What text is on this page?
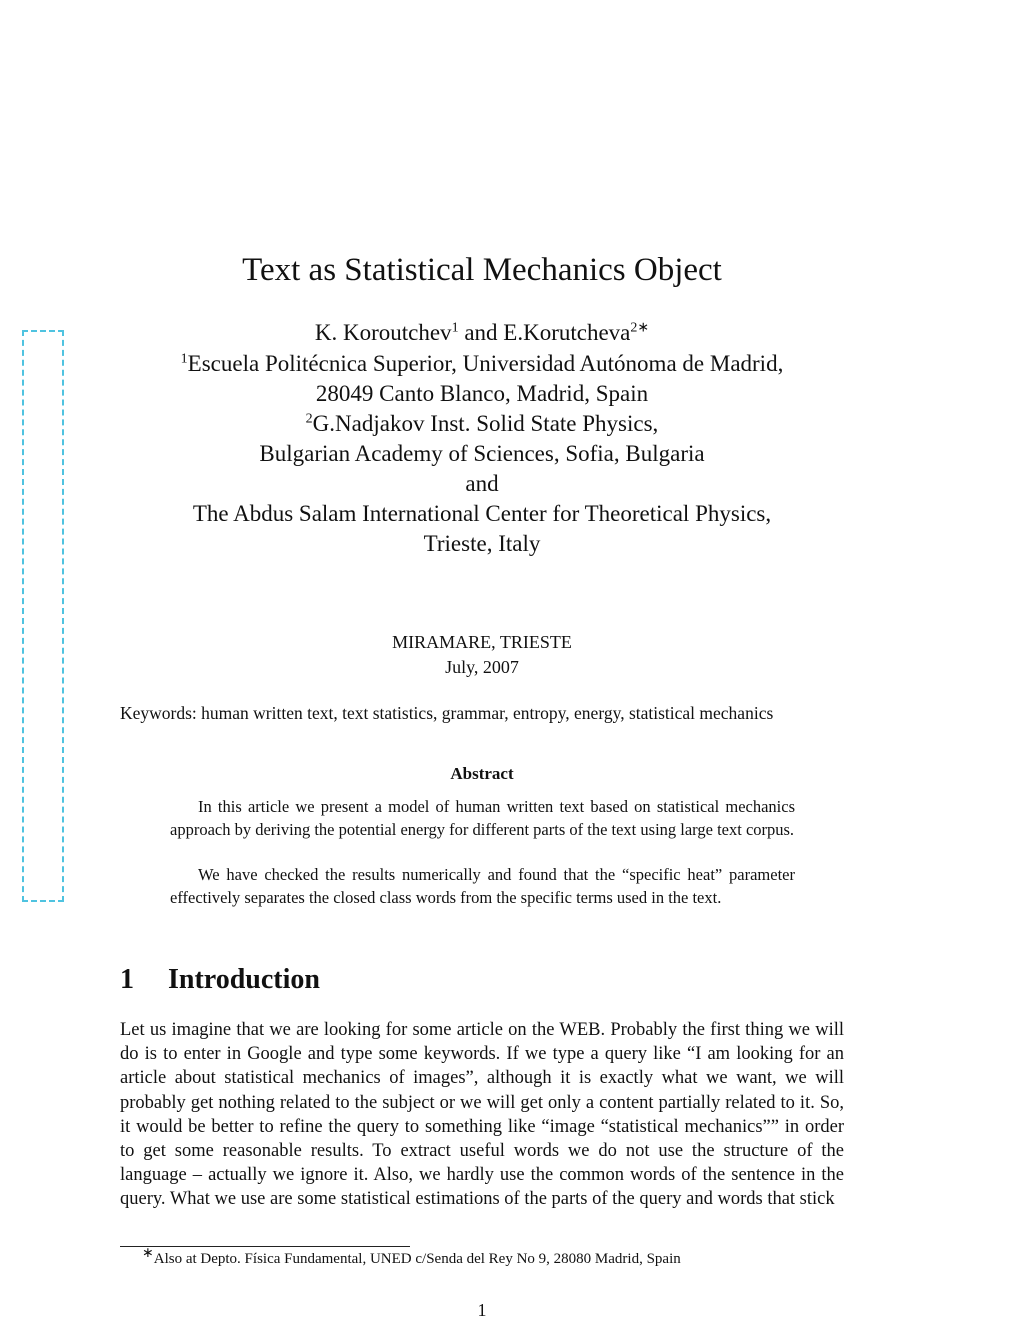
Text as Statistical Mechanics Object
K. Koroutchev$^1$ and E.Korutcheva$^{2∗}$
$^1$Escuela Politécnica Superior, Universidad Autónoma de Madrid,
28049 Canto Blanco, Madrid, Spain
$^2$G.Nadjakov Inst. Solid State Physics,
Bulgarian Academy of Sciences, Sofia, Bulgaria
and
The Abdus Salam International Center for Theoretical Physics,
Trieste, Italy
MIRAMARE, TRIESTE
July, 2007
Keywords: human written text, text statistics, grammar, entropy, energy, statistical mechanics
Abstract
In this article we present a model of human written text based on statistical mechanics approach by deriving the potential energy for different parts of the text using large text corpus.
We have checked the results numerically and found that the “specific heat” parameter effectively separates the closed class words from the specific terms used in the text.
1 Introduction
Let us imagine that we are looking for some article on the WEB. Probably the first thing we will do is to enter in Google and type some keywords. If we type a query like “I am looking for an article about statistical mechanics of images”, although it is exactly what we want, we will probably get nothing related to the subject or we will get only a content partially related to it. So, it would be better to refine the query to something like “image “statistical mechanics”” in order to get some reasonable results. To extract useful words we do not use the structure of the language – actually we ignore it. Also, we hardly use the common words of the sentence in the query. What we use are some statistical estimations of the parts of the query and words that stick
∗Also at Depto. Física Fundamental, UNED c/Senda del Rey No 9, 28080 Madrid, Spain
1
